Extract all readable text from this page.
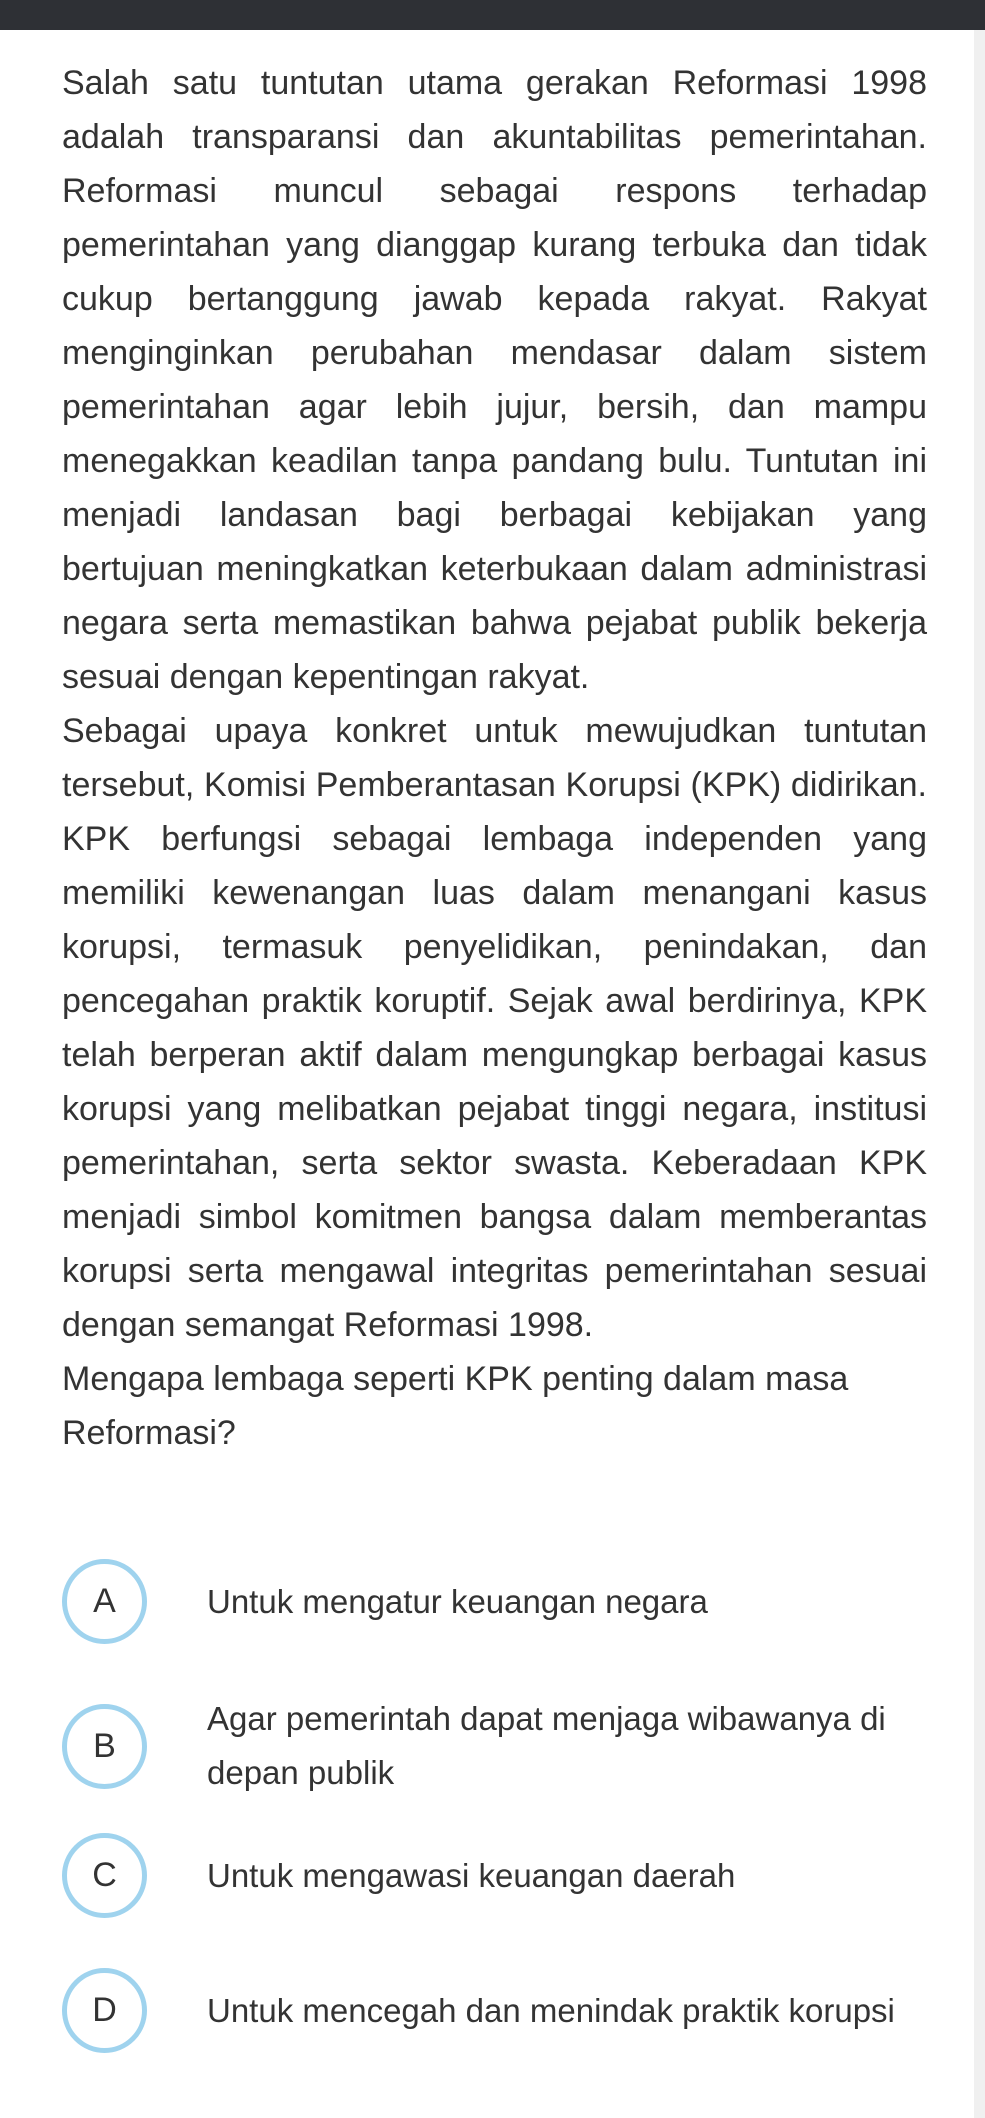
Salah satu tuntutan utama gerakan Reformasi 1998 adalah transparansi dan akuntabilitas pemerintahan. Reformasi muncul sebagai respons terhadap pemerintahan yang dianggap kurang terbuka dan tidak cukup bertanggung jawab kepada rakyat. Rakyat menginginkan perubahan mendasar dalam sistem pemerintahan agar lebih jujur, bersih, dan mampu menegakkan keadilan tanpa pandang bulu. Tuntutan ini menjadi landasan bagi berbagai kebijakan yang bertujuan meningkatkan keterbukaan dalam administrasi negara serta memastikan bahwa pejabat publik bekerja sesuai dengan kepentingan rakyat.

Sebagai upaya konkret untuk mewujudkan tuntutan tersebut, Komisi Pemberantasan Korupsi (KPK) didirikan. KPK berfungsi sebagai lembaga independen yang memiliki kewenangan luas dalam menangani kasus korupsi, termasuk penyelidikan, penindakan, dan pencegahan praktik koruptif. Sejak awal berdirinya, KPK telah berperan aktif dalam mengungkap berbagai kasus korupsi yang melibatkan pejabat tinggi negara, institusi pemerintahan, serta sektor swasta. Keberadaan KPK menjadi simbol komitmen bangsa dalam memberantas korupsi serta mengawal integritas pemerintahan sesuai dengan semangat Reformasi 1998.

Mengapa lembaga seperti KPK penting dalam masa Reformasi?

A	Untuk mengatur keuangan negara
B
Agar pemerintah dapat menjaga wibawanya di depan publik
C	Untuk mengawasi keuangan daerah
D	Untuk mencegah dan menindak praktik korupsi
